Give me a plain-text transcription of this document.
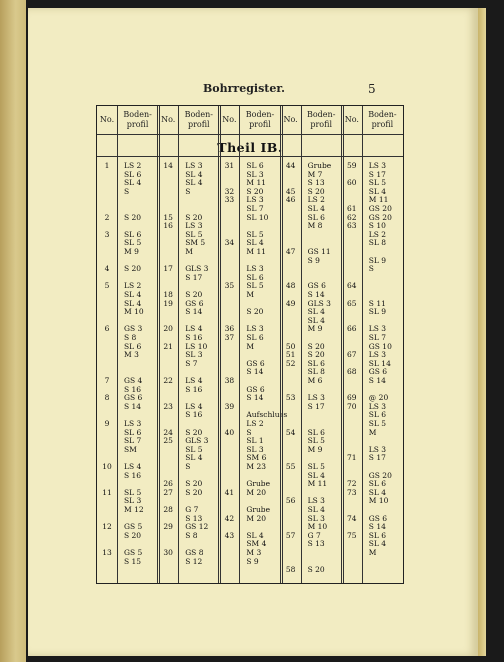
Bohrregister.	5
Theil IB.
No.
Boden-
profil
1
2
3
4
5
6
7
8
9
10
11
12
13
LS 2
SL 6
SL 4
S
S 20
SL 6
SL 5
M 9
S 20
LS 2
SL 4
SL 4
M 10
GS 3
S 8
SL 6
M 3
GS 4
S 16
GS 6
S 14
LS 3
SL 6
SL 7
SM
LS 4
S 16
SL 5
SL 3
M 12
GS 5
S 20
GS 5
S 15
No.
Boden-
profil
14
15
16
17
18
19
20
21
22
23
24
25
26
27
28
29
30
LS 3
SL 4
SL 4
S
S 20
LS 3
SL 5
SM 5
M
GLS 3
S 17
S 20
GS 6
S 14
LS 4
S 16
LS 10
SL 3
S 7
LS 4
S 16
LS 4
S 16
S 20
GLS 3
SL 5
SL 4
S
S 20
S 20
G 7
S 13
GS 12
S 8
GS 8
S 12
No.
Boden-
profil
31
32
33
34
35
36
37
38
39
40
41
42
43
SL 6
SL 3
M 11
S 20
LS 3
SL 7
SL 10
SL 5
SL 4
M 11
LS 3
SL 6
SL 5
M
S 20
LS 3
SL 6
M
GS 6
S 14
GS 6
S 14
Aufschluss
LS 2
S
SL 1
SL 3
SM 6
M 23
Grube
M 20
Grube
M 20
SL 4
SM 4
M 3
S 9
No.
Boden-
profil
44
45
46
47
48
49
50
51
52
53
54
55
56
57
58
Grube
M 7
S 13
S 20
LS 2
SL 4
SL 6
M 8
GS 11
S 9
GS 6
S 14
GLS 3
SL 4
SL 4
M 9
S 20
S 20
SL 6
SL 8
M 6
LS 3
S 17
SL 6
SL 5
M 9
SL 5
SL 4
M 11
LS 3
SL 4
SL 3
M 10
G 7
S 13
S 20
No.
Boden-
profil
59
60
61
62
63
64
65
66
67
68
69
70
71
72
73
74
75
LS 3
S 17
SL 5
SL 4
M 11
GS 20
GS 20
S 10
LS 2
SL 8
SL 9
S
S 11
SL 9
LS 3
SL 7
GS 10
LS 3
SL 14
GS 6
S 14
@ 20
LS 3
SL 6
SL 5
M
LS 3
S 17
GS 20
SL 6
SL 4
M 10
GS 6
S 14
SL 6
SL 4
M
